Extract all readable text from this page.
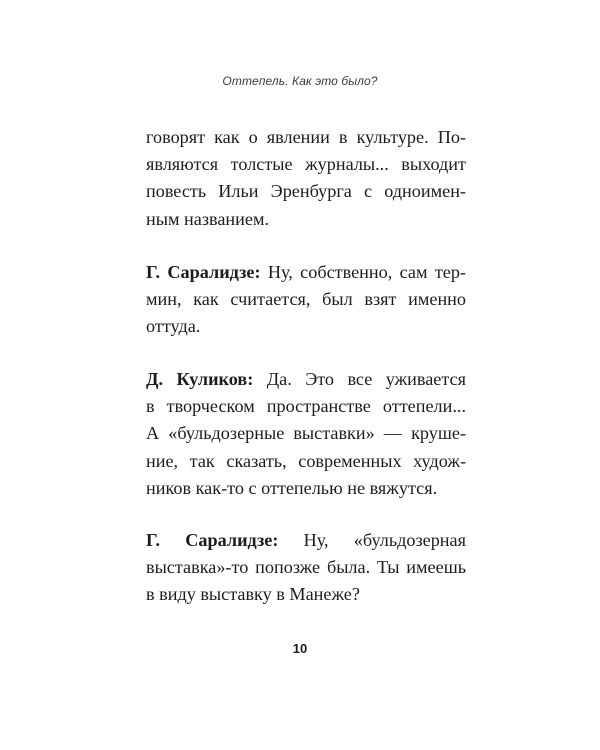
Оттепель. Как это было?

говорят как о явлении в культуре. По-
являются толстые журналы... выходит
повесть Ильи Эренбурга с одноимен-
ным названием.

Г. Саралидзе: Ну, собственно, сам тер-
мин, как считается, был взят именно
оттуда.

Д. Куликов: Да. Это все уживается
в творческом пространстве оттепели...
А «бульдозерные выставки» — круше-
ние, так сказать, современных худож-
ников как-то с оттепелью не вяжутся.

Г. Саралидзе: Ну, «бульдозерная
выставка»-то попозже была. Ты имеешь
в виду выставку в Манеже?

10
